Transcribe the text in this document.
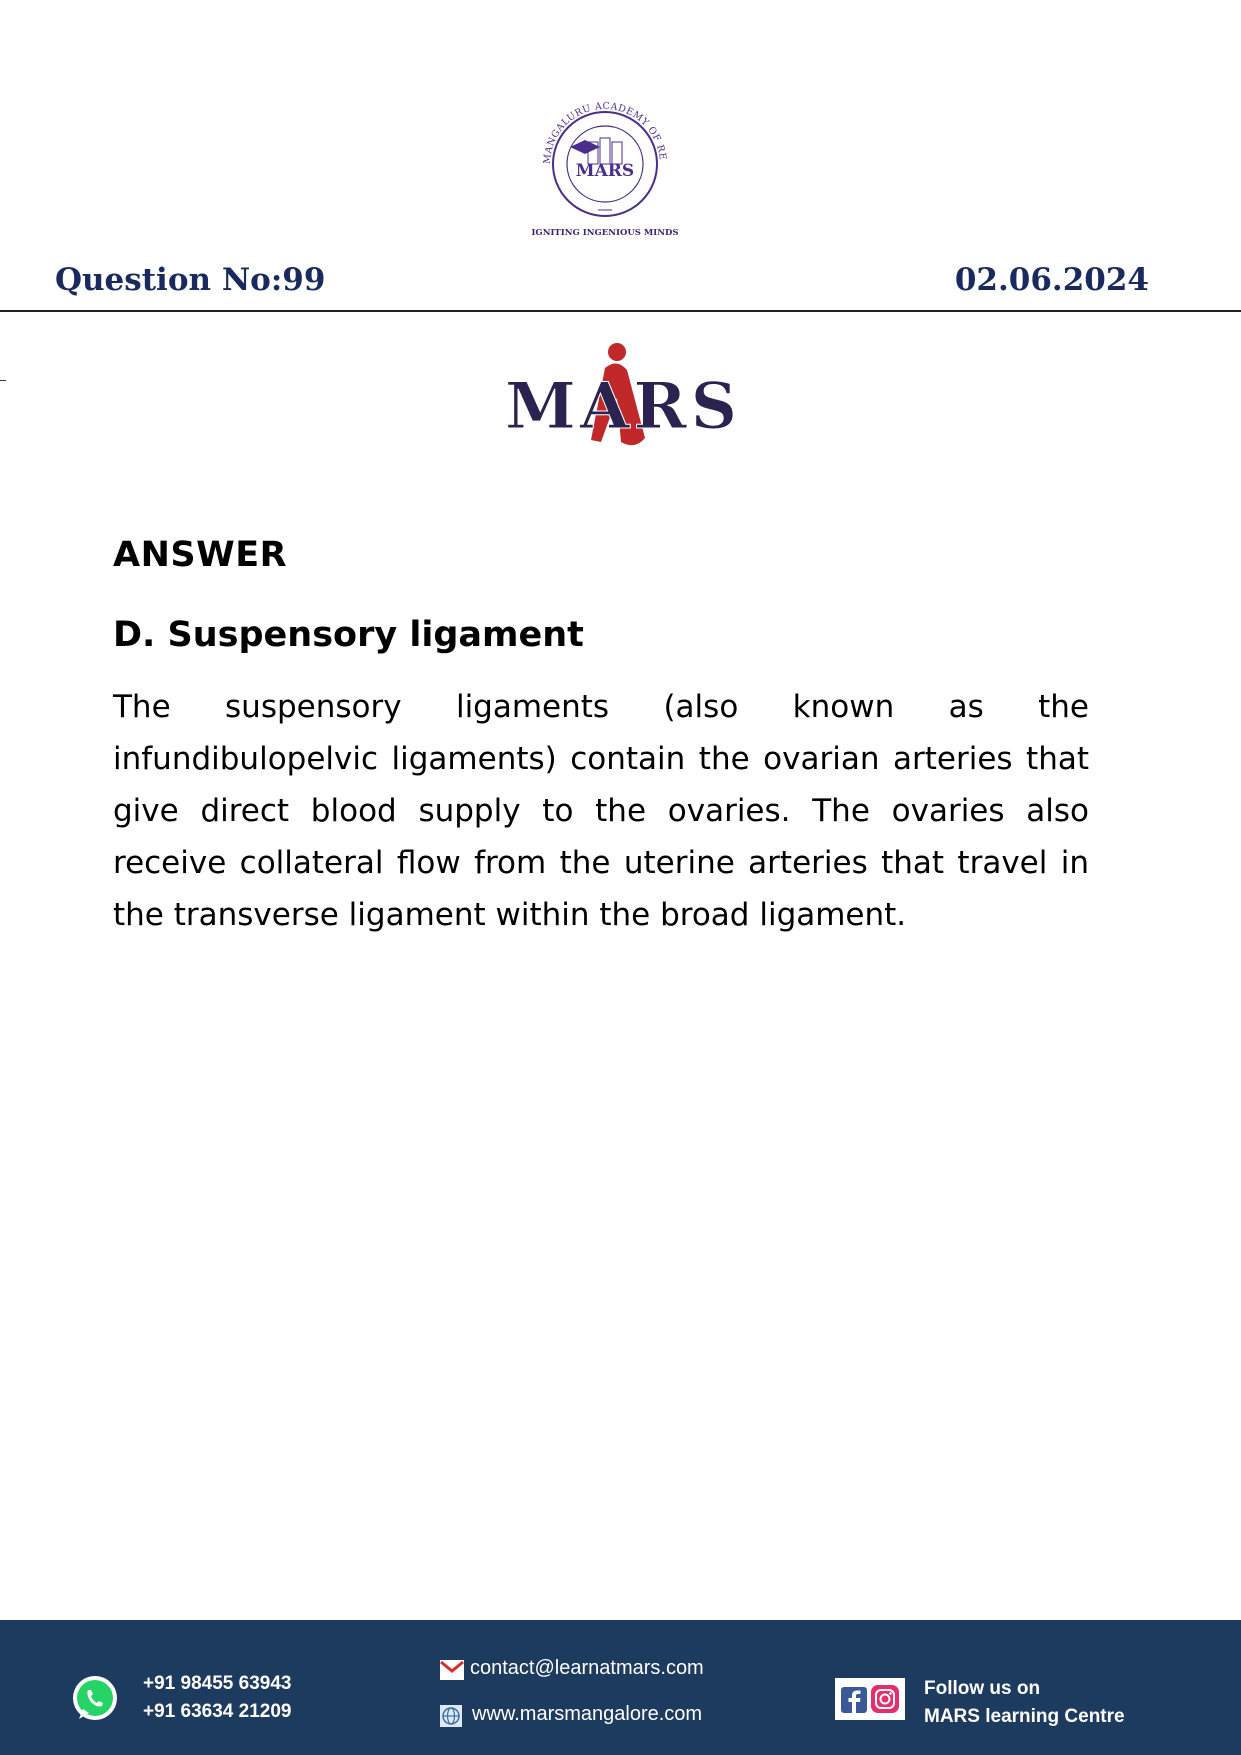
MANGALURU ACADEMY OF RE
MARS
IGNITING INGENIOUS MINDS
Question No:99	02.06.2024
MARS
ANSWER
D. Suspensory ligament

The suspensory ligaments (also known as the infundibulopelvic ligaments) contain the ovarian arteries that give direct blood supply to the ovaries. The ovaries also receive collateral flow from the uterine arteries that travel in the transverse ligament within the broad ligament.

+91 98455 63943
+91 63634 21209
contact@learnatmars.com
www.marsmangalore.com
Follow us on
MARS learning Centre
